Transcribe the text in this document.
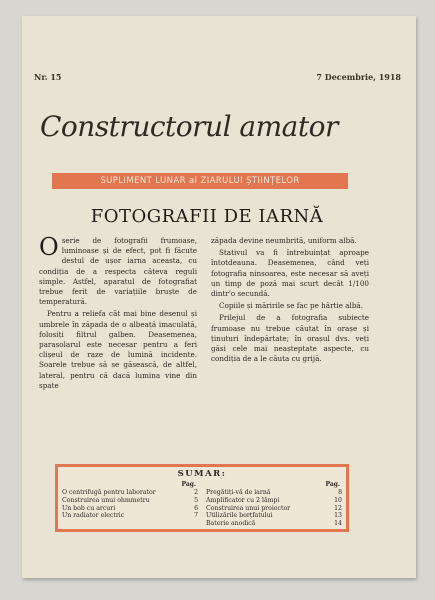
Nr. 15	7 Decembrie, 1918
Constructorul amator
SUPLIMENT LUNAR al ZIARULUI ȘTIINȚELOR
FOTOGRAFII DE IARNĂ

Oserie de fotografii frumoase, luminoase și de efect, pot fi făcute destul de ușor iarna aceasta, cu condiția de a respecta câteva reguli simple. Astfel, aparatul de fotografiat trebue ferit de variațiile bruște de temperatură.

Pentru a reliefa cât mai bine desenul și umbrele în zăpada de o albeață imaculată, folosiți filtrul galben. Deasemenea, parasolarul este necesar pentru a feri clișeul de raze de lumină incidente. Soarele trebue să se găsească, de altfel, lateral, pentru că dacă lumina vine din spate

zăpada devine neumbrită, uniform albă.

Stativul va fi întrebuințat aproape întotdeauna. Deasemenea, când veți fotografia ninsoarea, este necesar să aveți un timp de poză mai scurt decât 1/100 dintr'o secundă.

Copiile și măririle se fac pe hârtie albă.

Prilejul de a fotografia subiecte frumoase nu trebue căutat în orașe și ținuturi îndepărtate; în orașul dvs. veți găsi cele mai neașteptate aspecte, cu condiția de a le căuta cu grijă.

SUMAR:
Pag.
O centrifugă pentru laborator	2
Construirea unui ohmmetru	5
Un bob cu arcuri	6
Un radiator electric	7
Pag.
Pregătiți-vă de iarnă	8
Amplificator cu 2 lămpi	10
Construirea unui proiector	12
Utilizările borțfatului	13
Baterie anodică	14
